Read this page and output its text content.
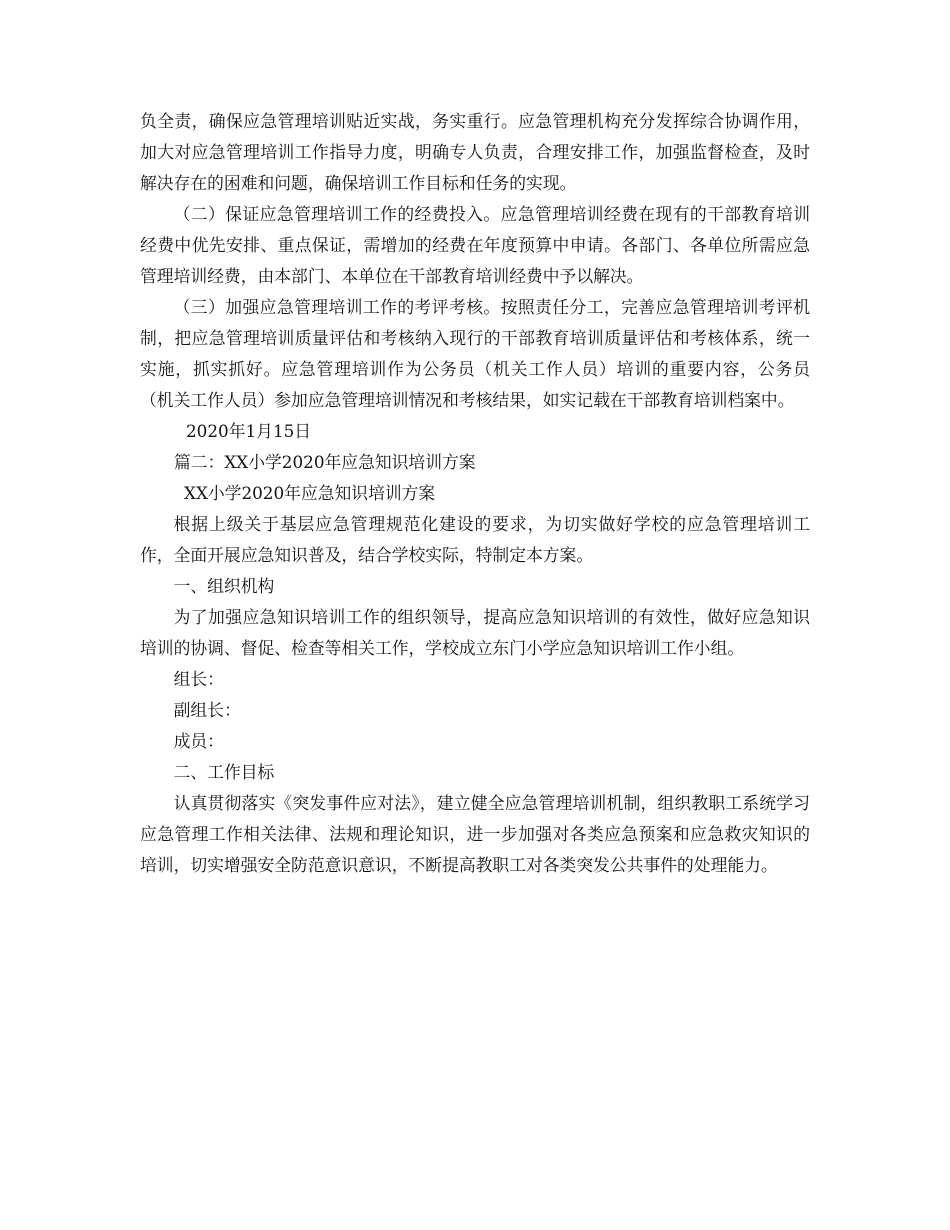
负全责，确保应急管理培训贴近实战，务实重行。应急管理机构充分发挥综合协调作用，加大对应急管理培训工作指导力度，明确专人负责，合理安排工作，加强监督检查，及时解决存在的困难和问题，确保培训工作目标和任务的实现。

（二）保证应急管理培训工作的经费投入。应急管理培训经费在现有的干部教育培训经费中优先安排、重点保证，需增加的经费在年度预算中申请。各部门、各单位所需应急管理培训经费，由本部门、本单位在干部教育培训经费中予以解决。

（三）加强应急管理培训工作的考评考核。按照责任分工，完善应急管理培训考评机制，把应急管理培训质量评估和考核纳入现行的干部教育培训质量评估和考核体系，统一实施，抓实抓好。应急管理培训作为公务员（机关工作人员）培训的重要内容，公务员（机关工作人员）参加应急管理培训情况和考核结果，如实记载在干部教育培训档案中。

2020年1月15日

篇二：XX小学2020年应急知识培训方案

XX小学2020年应急知识培训方案

根据上级关于基层应急管理规范化建设的要求，为切实做好学校的应急管理培训工作，全面开展应急知识普及，结合学校实际，特制定本方案。

一、组织机构

为了加强应急知识培训工作的组织领导，提高应急知识培训的有效性，做好应急知识培训的协调、督促、检查等相关工作，学校成立东门小学应急知识培训工作小组。

组长：

副组长：

成员：

二、工作目标

认真贯彻落实《突发事件应对法》，建立健全应急管理培训机制，组织教职工系统学习应急管理工作相关法律、法规和理论知识，进一步加强对各类应急预案和应急救灾知识的培训，切实增强安全防范意识意识，不断提高教职工对各类突发公共事件的处理能力。
